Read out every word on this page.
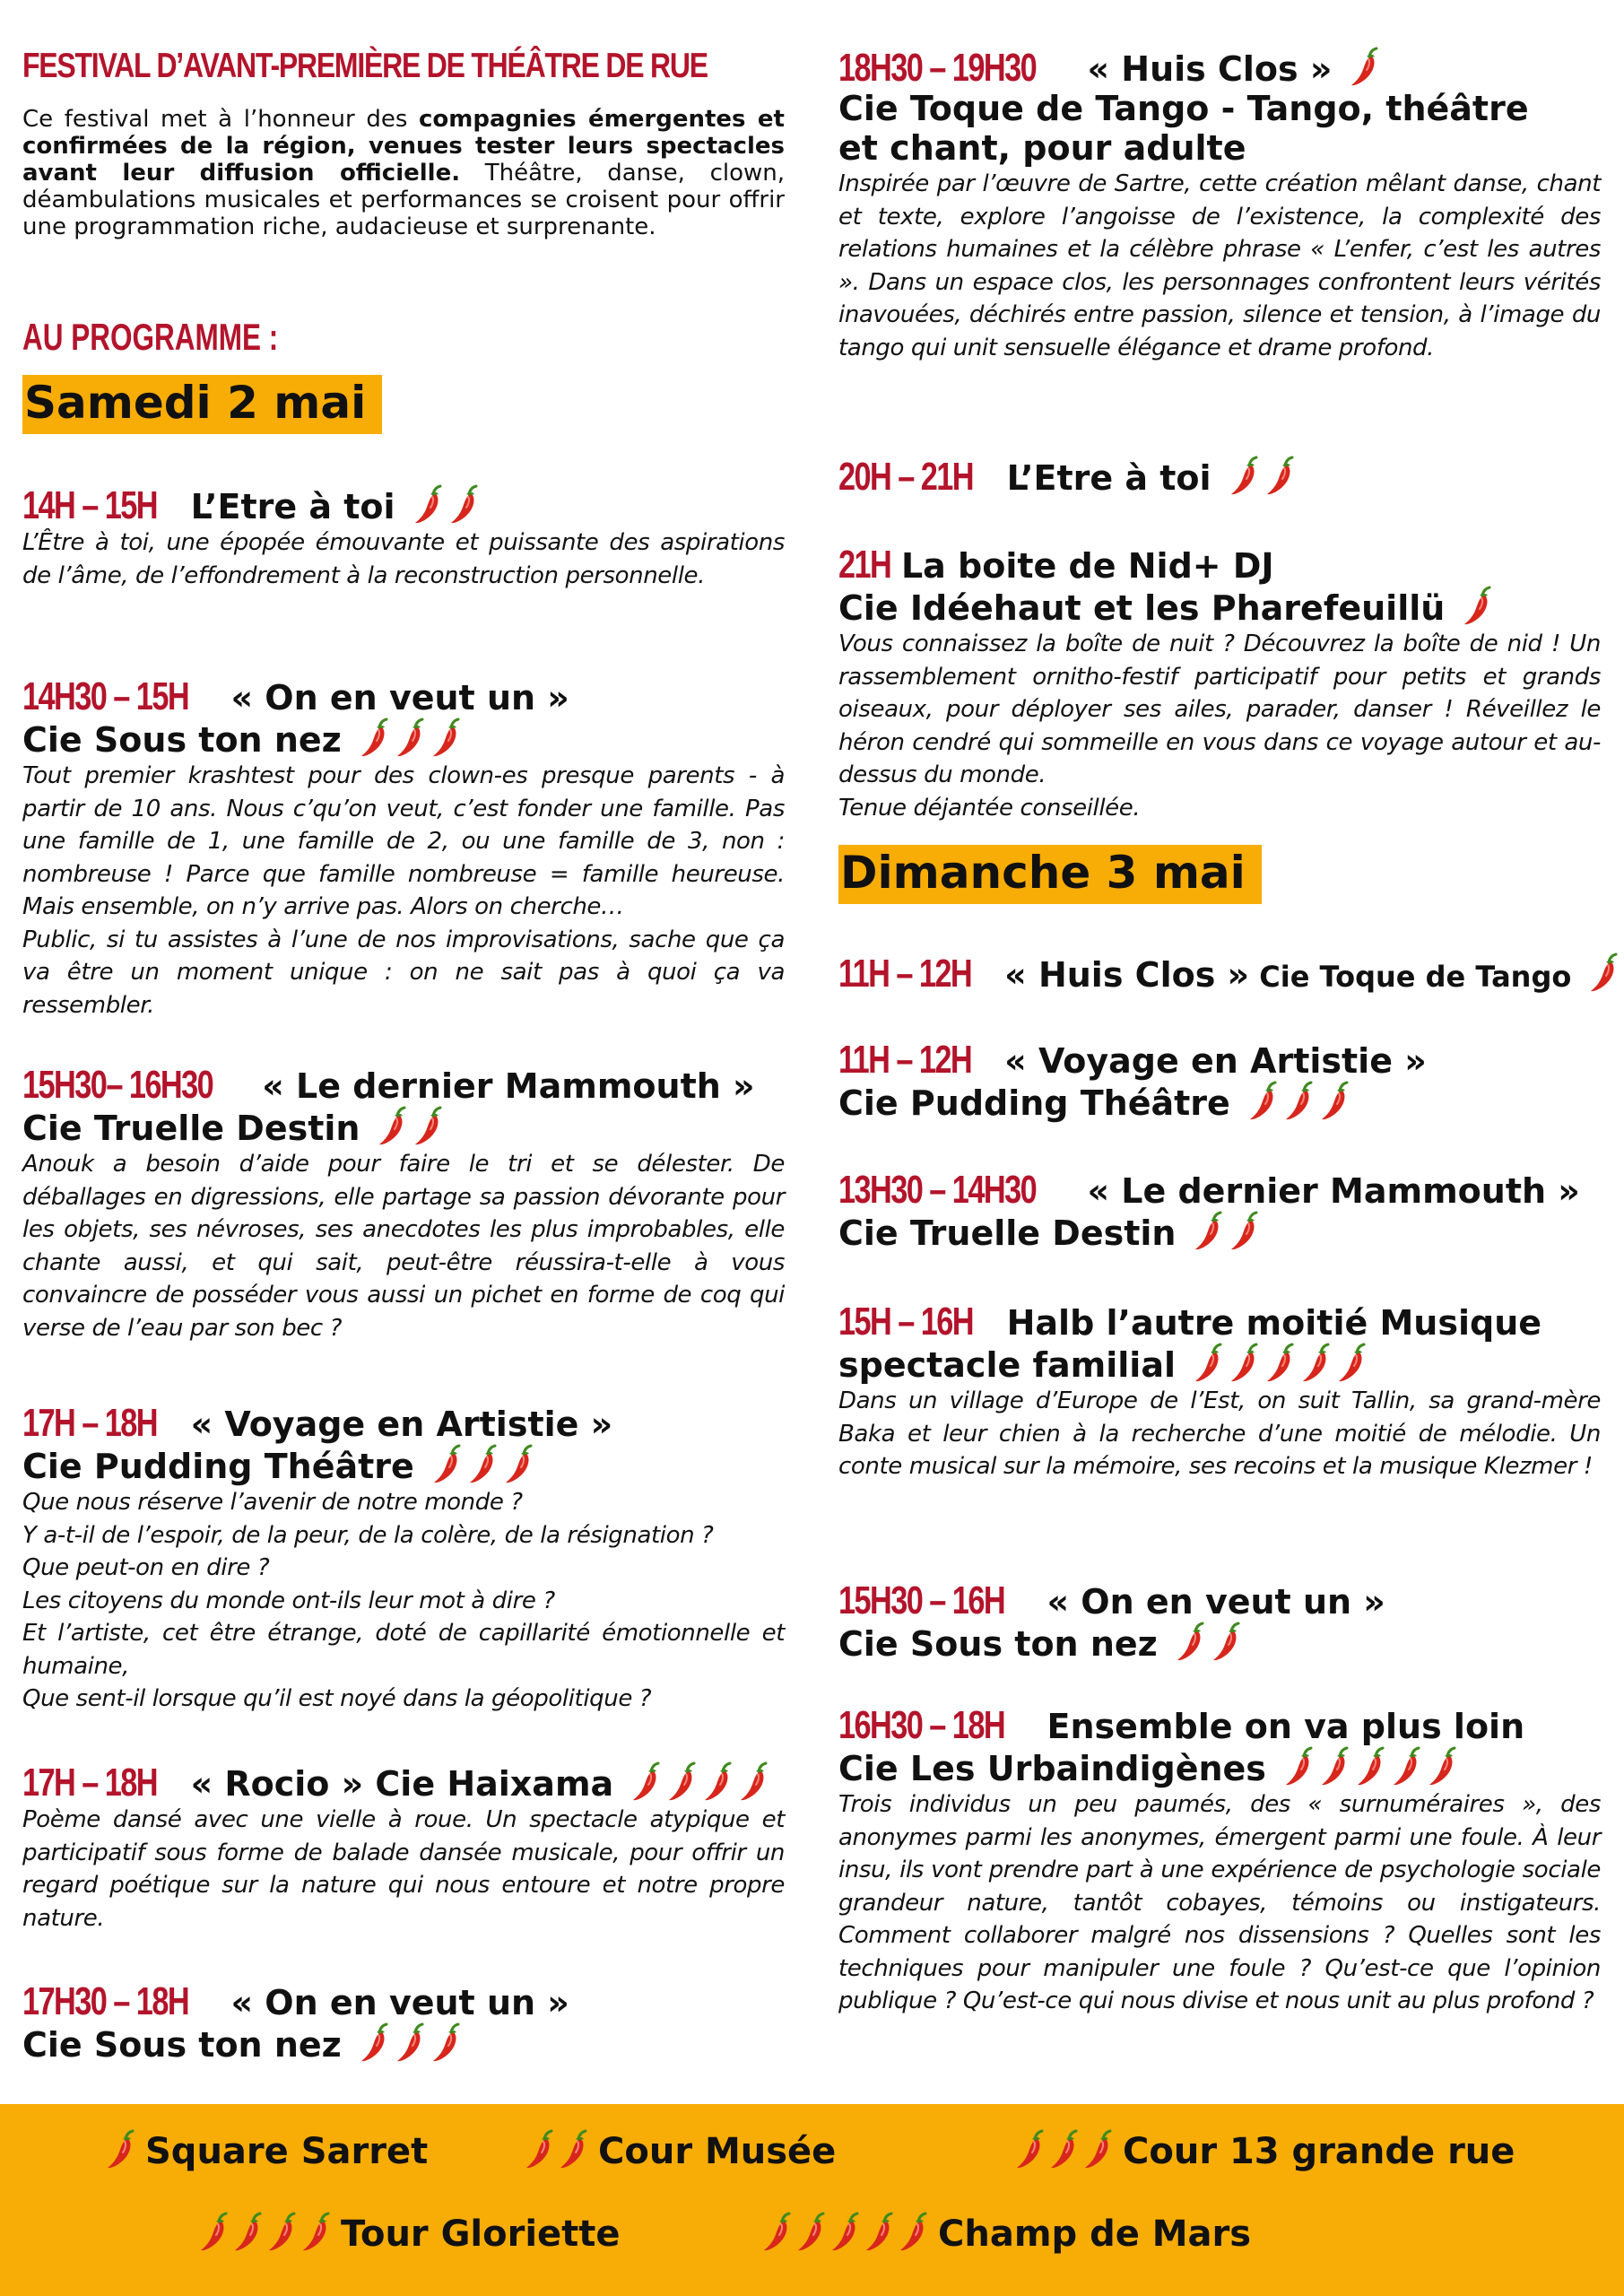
FESTIVAL D’AVANT-PREMIÈRE DE THÉÂTRE DE RUE
Ce festival met à l’honneur des compagnies émergentes et confirmées de la région, venues tester leurs spectacles avant leur diffusion officielle. Théâtre, danse, clown, déambulations musicales et performances se croisent pour offrir une programmation riche, audacieuse et surprenante.
AU PROGRAMME :
Samedi 2 mai
14H – 15H L’Etre à toi

L’Être à toi, une épopée émouvante et puissante des aspirations de l’âme, de l’effondrement à la reconstruction personnelle.

14H30 – 15H « On en veut un »
Cie Sous ton nez

Tout premier krashtest pour des clown-es presque parents - à partir de 10 ans. Nous c’qu’on veut, c’est fonder une famille. Pas une famille de 1, une famille de 2, ou une famille de 3, non : nombreuse ! Parce que famille nombreuse = famille heureuse. Mais ensemble, on n’y arrive pas. Alors on cherche…

Public, si tu assistes à l’une de nos improvisations, sache que ça va être un moment unique : on ne sait pas à quoi ça va ressembler.

15H30– 16H30 « Le dernier Mammouth »
Cie Truelle Destin

Anouk a besoin d’aide pour faire le tri et se délester. De déballages en digressions, elle partage sa passion dévorante pour les objets, ses névroses, ses anecdotes les plus improbables, elle chante aussi, et qui sait, peut-être réussira-t-elle à vous convaincre de posséder vous aussi un pichet en forme de coq qui verse de l’eau par son bec ?

17H – 18H « Voyage en Artistie »
Cie Pudding Théâtre

Que nous réserve l’avenir de notre monde ?

Y a-t-il de l’espoir, de la peur, de la colère, de la résignation ?

Que peut-on en dire ?

Les citoyens du monde ont-ils leur mot à dire ?

Et l’artiste, cet être étrange, doté de capillarité émotionnelle et humaine,

Que sent-il lorsque qu’il est noyé dans la géopolitique ?

17H – 18H « Rocio » Cie Haixama

Poème dansé avec une vielle à roue. Un spectacle atypique et participatif sous forme de balade dansée musicale, pour offrir un regard poétique sur la nature qui nous entoure et notre propre nature.

17H30 – 18H « On en veut un »
Cie Sous ton nez
18H30 – 19H30 « Huis Clos »
Cie Toque de Tango - Tango, théâtre
et chant, pour adulte

Inspirée par l’œuvre de Sartre, cette création mêlant danse, chant et texte, explore l’angoisse de l’existence, la complexité des relations humaines et la célèbre phrase « L’enfer, c’est les autres ». Dans un espace clos, les personnages confrontent leurs vérités inavouées, déchirés entre passion, silence et tension, à l’image du tango qui unit sensuelle élégance et drame profond.

20H – 21H L’Etre à toi
21H La boite de Nid+ DJ
Cie Idéehaut et les Pharefeuillü

Vous connaissez la boîte de nuit ? Découvrez la boîte de nid ! Un rassemblement ornitho-festif participatif pour petits et grands oiseaux, pour déployer ses ailes, parader, danser ! Réveillez le héron cendré qui sommeille en vous dans ce voyage autour et au-dessus du monde.

Tenue déjantée conseillée.

Dimanche 3 mai
11H – 12H « Huis Clos » Cie Toque de Tango
11H – 12H « Voyage en Artistie »
Cie Pudding Théâtre
13H30 – 14H30 « Le dernier Mammouth »
Cie Truelle Destin
15H – 16H Halb l’autre moitié Musique
spectacle familial

Dans un village d’Europe de l’Est, on suit Tallin, sa grand-mère Baka et leur chien à la recherche d’une moitié de mélodie. Un conte musical sur la mémoire, ses recoins et la musique Klezmer !

15H30 – 16H « On en veut un »
Cie Sous ton nez
16H30 – 18H Ensemble on va plus loin
Cie Les Urbaindigènes

Trois individus un peu paumés, des « surnuméraires », des anonymes parmi les anonymes, émergent parmi une foule. À leur insu, ils vont prendre part à une expérience de psychologie sociale grandeur nature, tantôt cobayes, témoins ou instigateurs. Comment collaborer malgré nos dissensions ? Quelles sont les techniques pour manipuler une foule ? Qu’est-ce que l’opinion publique ? Qu’est-ce qui nous divise et nous unit au plus profond ?

Square Sarret	Cour Musée	Cour 13 grande rue
Tour Gloriette	Champ de Mars
